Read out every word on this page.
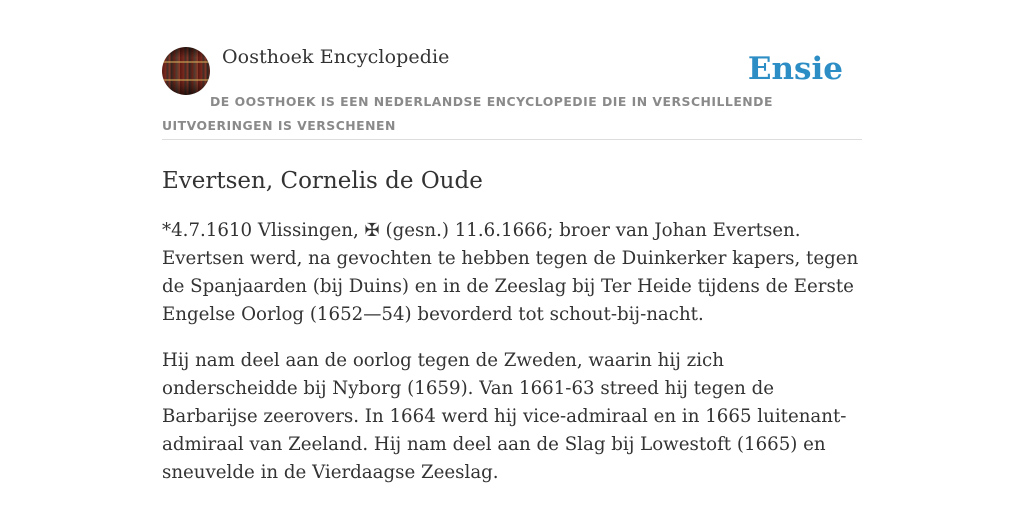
Oosthoek Encyclopedie	Ensie
DE OOSTHOEK IS EEN NEDERLANDSE ENCYCLOPEDIE DIE IN VERSCHILLENDE UITVOERINGEN IS VERSCHENEN
Evertsen, Cornelis de Oude

*4.7.1610 Vlissingen, ✠ (gesn.) 11.6.1666; broer van Johan Evertsen. Evertsen werd, na gevochten te hebben tegen de Duinkerker kapers, tegen de Spanjaarden (bij Duins) en in de Zeeslag bij Ter Heide tijdens de Eerste Engelse Oorlog (1652—54) bevorderd tot schout-bij-nacht.

Hij nam deel aan de oorlog tegen de Zweden, waarin hij zich onderscheidde bij Nyborg (1659). Van 1661-63 streed hij tegen de Barbarijse zeerovers. In 1664 werd hij vice-admiraal en in 1665 luitenant-admiraal van Zeeland. Hij nam deel aan de Slag bij Lowestoft (1665) en sneuvelde in de Vierdaagse Zeeslag.
